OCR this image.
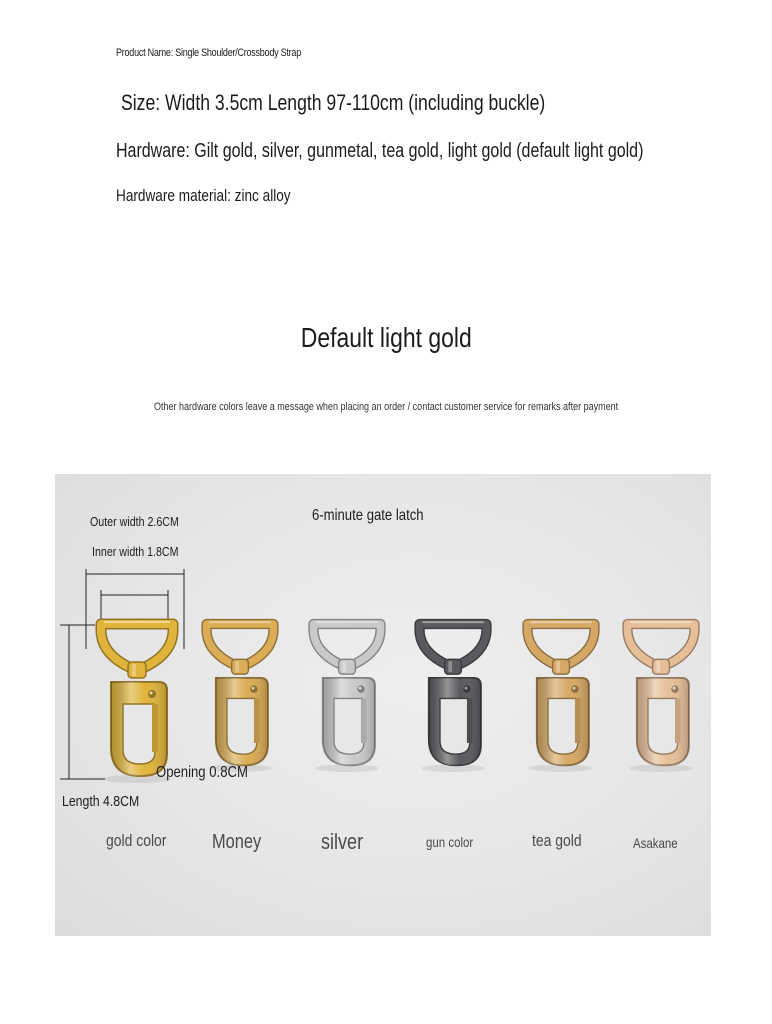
Product Name: Single Shoulder/Crossbody Strap
Size: Width 3.5cm Length 97-110cm (including buckle)
Hardware: Gilt gold, silver, gunmetal, tea gold, light gold (default light gold)
Hardware material: zinc alloy
Default light gold
Other hardware colors leave a message when placing an order / contact customer service for remarks after payment
6-minute gate latch
Outer width 2.6CM
Inner width 1.8CM
Opening 0.8CM
Length 4.8CM
gold color	Money	silver	gun color	tea gold	Asakane
